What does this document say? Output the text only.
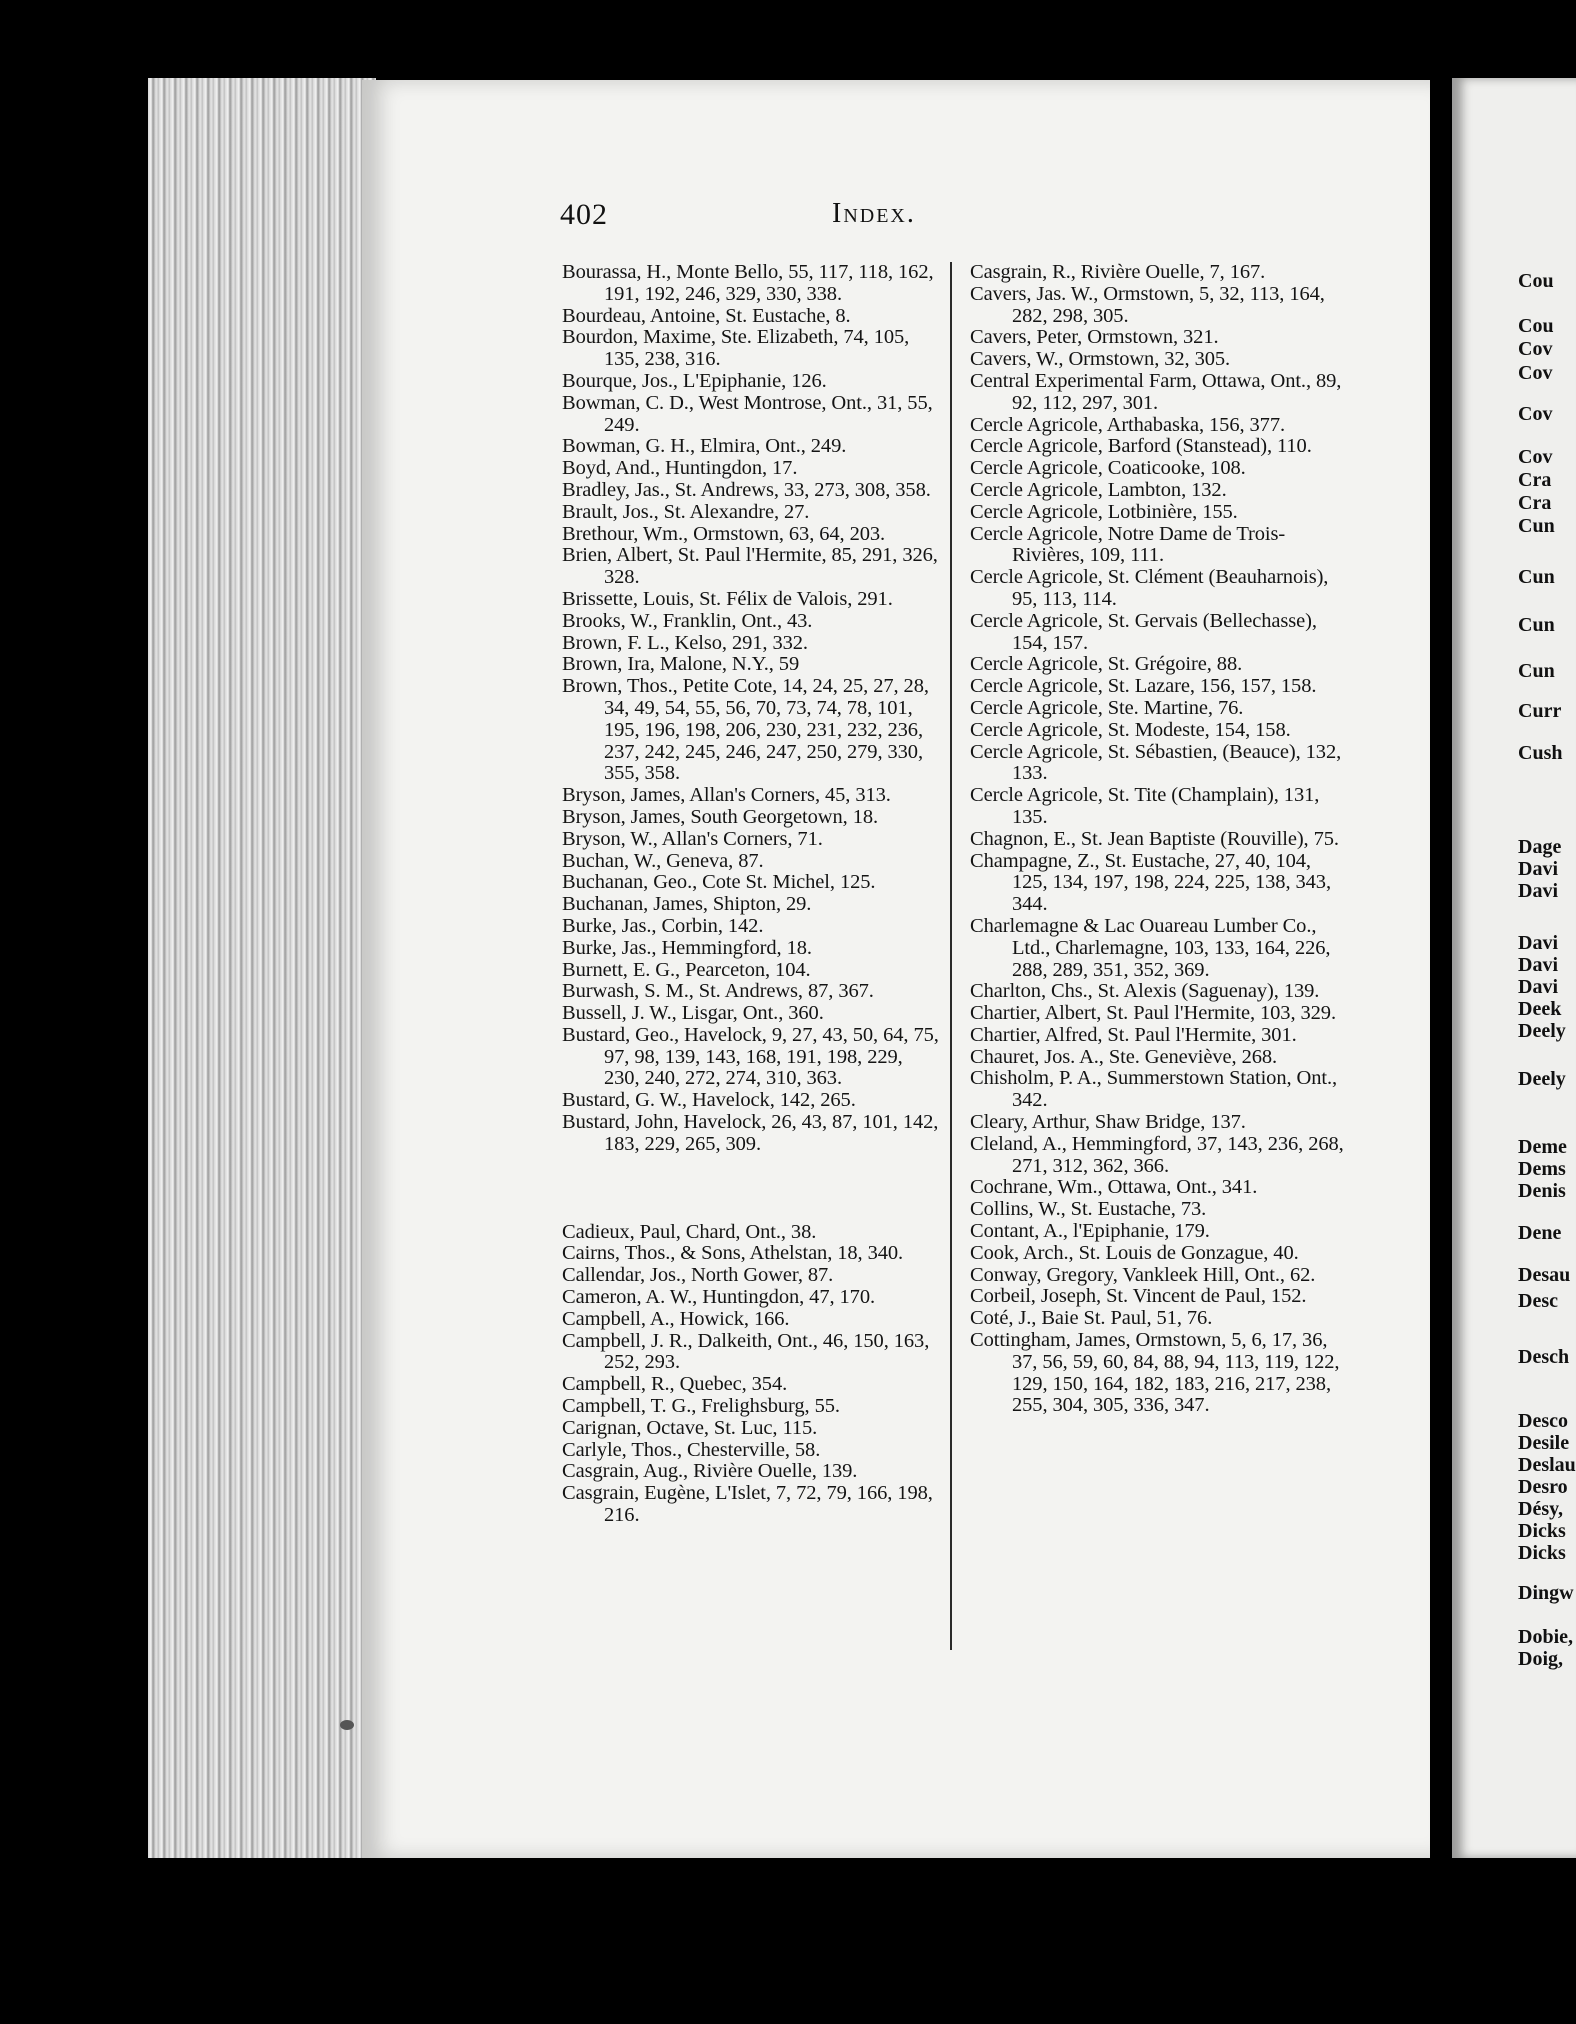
402	Index.

Bourassa, H., Monte Bello, 55, 117, 118, 162, 191, 192, 246, 329, 330, 338.

Bourdeau, Antoine, St. Eustache, 8.

Bourdon, Maxime, Ste. Elizabeth, 74, 105, 135, 238, 316.

Bourque, Jos., L'Epiphanie, 126.

Bowman, C. D., West Montrose, Ont., 31, 55, 249.

Bowman, G. H., Elmira, Ont., 249.

Boyd, And., Huntingdon, 17.

Bradley, Jas., St. Andrews, 33, 273, 308, 358.

Brault, Jos., St. Alexandre, 27.

Brethour, Wm., Ormstown, 63, 64, 203.

Brien, Albert, St. Paul l'Hermite, 85, 291, 326, 328.

Brissette, Louis, St. Félix de Valois, 291.

Brooks, W., Franklin, Ont., 43.

Brown, F. L., Kelso, 291, 332.

Brown, Ira, Malone, N.Y., 59

Brown, Thos., Petite Cote, 14, 24, 25, 27, 28, 34, 49, 54, 55, 56, 70, 73, 74, 78, 101, 195, 196, 198, 206, 230, 231, 232, 236, 237, 242, 245, 246, 247, 250, 279, 330, 355, 358.

Bryson, James, Allan's Corners, 45, 313.

Bryson, James, South Georgetown, 18.

Bryson, W., Allan's Corners, 71.

Buchan, W., Geneva, 87.

Buchanan, Geo., Cote St. Michel, 125.

Buchanan, James, Shipton, 29.

Burke, Jas., Corbin, 142.

Burke, Jas., Hemmingford, 18.

Burnett, E. G., Pearceton, 104.

Burwash, S. M., St. Andrews, 87, 367.

Bussell, J. W., Lisgar, Ont., 360.

Bustard, Geo., Havelock, 9, 27, 43, 50, 64, 75, 97, 98, 139, 143, 168, 191, 198, 229, 230, 240, 272, 274, 310, 363.

Bustard, G. W., Havelock, 142, 265.

Bustard, John, Havelock, 26, 43, 87, 101, 142, 183, 229, 265, 309.

Cadieux, Paul, Chard, Ont., 38.

Cairns, Thos., & Sons, Athelstan, 18, 340.

Callendar, Jos., North Gower, 87.

Cameron, A. W., Huntingdon, 47, 170.

Campbell, A., Howick, 166.

Campbell, J. R., Dalkeith, Ont., 46, 150, 163, 252, 293.

Campbell, R., Quebec, 354.

Campbell, T. G., Frelighsburg, 55.

Carignan, Octave, St. Luc, 115.

Carlyle, Thos., Chesterville, 58.

Casgrain, Aug., Rivière Ouelle, 139.

Casgrain, Eugène, L'Islet, 7, 72, 79, 166, 198, 216.

Casgrain, R., Rivière Ouelle, 7, 167.

Cavers, Jas. W., Ormstown, 5, 32, 113, 164, 282, 298, 305.

Cavers, Peter, Ormstown, 321.

Cavers, W., Ormstown, 32, 305.

Central Experimental Farm, Ottawa, Ont., 89, 92, 112, 297, 301.

Cercle Agricole, Arthabaska, 156, 377.

Cercle Agricole, Barford (Stanstead), 110.

Cercle Agricole, Coaticooke, 108.

Cercle Agricole, Lambton, 132.

Cercle Agricole, Lotbinière, 155.

Cercle Agricole, Notre Dame de Trois-Rivières, 109, 111.

Cercle Agricole, St. Clément (Beauharnois), 95, 113, 114.

Cercle Agricole, St. Gervais (Bellechasse), 154, 157.

Cercle Agricole, St. Grégoire, 88.

Cercle Agricole, St. Lazare, 156, 157, 158.

Cercle Agricole, Ste. Martine, 76.

Cercle Agricole, St. Modeste, 154, 158.

Cercle Agricole, St. Sébastien, (Beauce), 132, 133.

Cercle Agricole, St. Tite (Champlain), 131, 135.

Chagnon, E., St. Jean Baptiste (Rouville), 75.

Champagne, Z., St. Eustache, 27, 40, 104, 125, 134, 197, 198, 224, 225, 138, 343, 344.

Charlemagne & Lac Ouareau Lumber Co., Ltd., Charlemagne, 103, 133, 164, 226, 288, 289, 351, 352, 369.

Charlton, Chs., St. Alexis (Saguenay), 139.

Chartier, Albert, St. Paul l'Hermite, 103, 329.

Chartier, Alfred, St. Paul l'Hermite, 301.

Chauret, Jos. A., Ste. Geneviève, 268.

Chisholm, P. A., Summerstown Station, Ont., 342.

Cleary, Arthur, Shaw Bridge, 137.

Cleland, A., Hemmingford, 37, 143, 236, 268, 271, 312, 362, 366.

Cochrane, Wm., Ottawa, Ont., 341.

Collins, W., St. Eustache, 73.

Contant, A., l'Epiphanie, 179.

Cook, Arch., St. Louis de Gonzague, 40.

Conway, Gregory, Vankleek Hill, Ont., 62.

Corbeil, Joseph, St. Vincent de Paul, 152.

Coté, J., Baie St. Paul, 51, 76.

Cottingham, James, Ormstown, 5, 6, 17, 36, 37, 56, 59, 60, 84, 88, 94, 113, 119, 122, 129, 150, 164, 182, 183, 216, 217, 238, 255, 304, 305, 336, 347.

Cou
Cou
Cov
Cov
Cov
Cov
Cra
Cra
Cun
Cun
Cun
Cun
Curr
Cush
Dage
Davi
Davi
Davi
Davi
Davi
Deek
Deely
Deely
Deme
Dems
Denis
Dene
Desau
Desc
Desch
Desco
Desile
Deslau
Desro
Désy,
Dicks
Dicks
Dingw
Dobie,
Doig,
